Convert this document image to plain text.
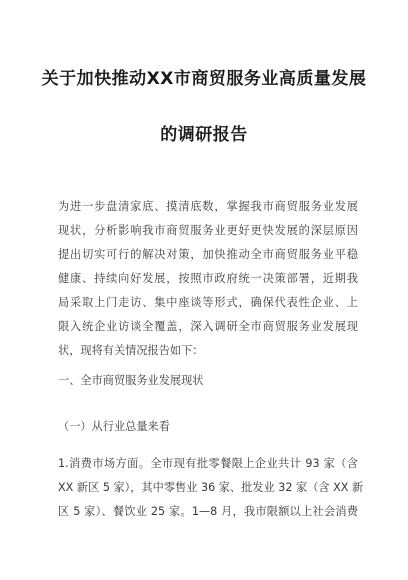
关于加快推动XX市商贸服务业高质量发展
的调研报告
为进一步盘清家底、摸清底数，掌握我市商贸服务业发展
现状，分析影响我市商贸服务业更好更快发展的深层原因
提出切实可行的解决对策，加快推动全市商贸服务业平稳
健康、持续向好发展，按照市政府统一决策部署，近期我
局采取上门走访、集中座谈等形式，确保代表性企业、上
限入统企业访谈全覆盖，深入调研全市商贸服务业发展现
状，现将有关情况报告如下：
一、全市商贸服务业发展现状
（一）从行业总量来看
1.消费市场方面。全市现有批零餐限上企业共计 93 家（含
XX 新区 5 家），其中零售业 36 家、批发业 32 家（含 XX 新
区 5 家）、餐饮业 25 家。1—8 月，我市限额以上社会消费
